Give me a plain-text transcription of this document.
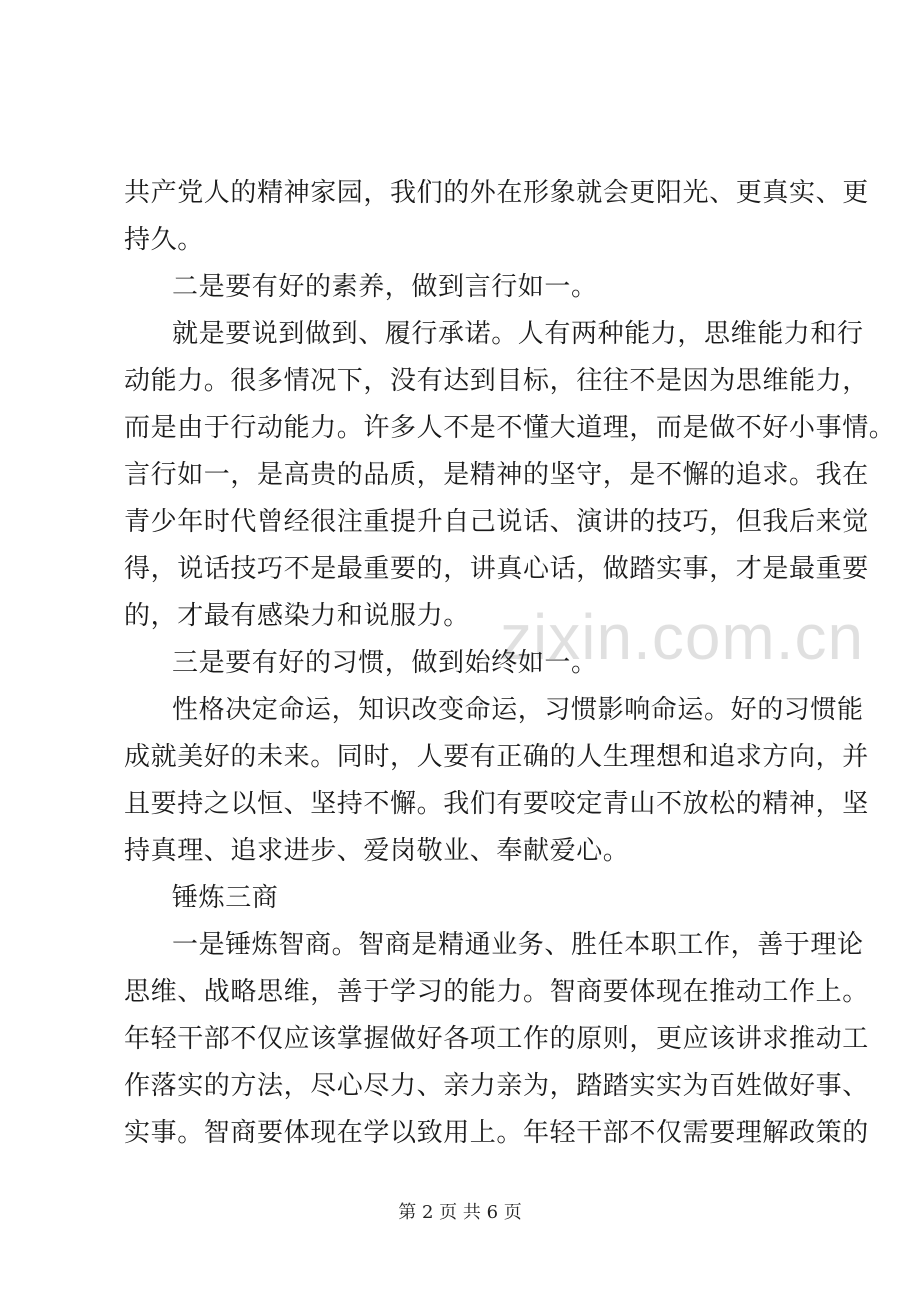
zixin.com.cn
共产党人的精神家园，我们的外在形象就会更阳光、更真实、更
持久。
二是要有好的素养，做到言行如一。
就是要说到做到、履行承诺。人有两种能力，思维能力和行
动能力。很多情况下，没有达到目标，往往不是因为思维能力，
而是由于行动能力。许多人不是不懂大道理，而是做不好小事情。
言行如一，是高贵的品质，是精神的坚守，是不懈的追求。我在
青少年时代曾经很注重提升自己说话、演讲的技巧，但我后来觉
得，说话技巧不是最重要的，讲真心话，做踏实事，才是最重要
的，才最有感染力和说服力。
三是要有好的习惯，做到始终如一。
性格决定命运，知识改变命运，习惯影响命运。好的习惯能
成就美好的未来。同时，人要有正确的人生理想和追求方向，并
且要持之以恒、坚持不懈。我们有要咬定青山不放松的精神，坚
持真理、追求进步、爱岗敬业、奉献爱心。
锤炼三商
一是锤炼智商。智商是精通业务、胜任本职工作，善于理论
思维、战略思维，善于学习的能力。智商要体现在推动工作上。
年轻干部不仅应该掌握做好各项工作的原则，更应该讲求推动工
作落实的方法，尽心尽力、亲力亲为，踏踏实实为百姓做好事、
实事。智商要体现在学以致用上。年轻干部不仅需要理解政策的
第 2 页 共 6 页
